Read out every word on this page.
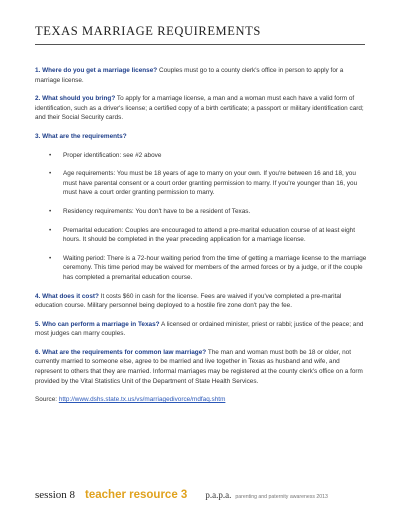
TEXAS MARRIAGE REQUIREMENTS

1. Where do you get a marriage license? Couples must go to a county clerk's office in person to apply for a marriage license.

2. What should you bring? To apply for a marriage license, a man and a woman must each have a valid form of identification, such as a driver's license; a certified copy of a birth certificate; a passport or military identification card; and their Social Security cards.

3. What are the requirements?

• Proper identification: see #2 above
• Age requirements: You must be 18 years of age to marry on your own. If you're between 16 and 18, you must have parental consent or a court order granting permission to marry. If you're younger than 16, you must have a court order granting permission to marry.
• Residency requirements: You don't have to be a resident of Texas.
• Premarital education: Couples are encouraged to attend a pre-marital education course of at least eight hours. It should be completed in the year preceding application for a marriage license.
• Waiting period: There is a 72-hour waiting period from the time of getting a marriage license to the marriage ceremony. This time period may be waived for members of the armed forces or by a judge, or if the couple has completed a premarital education course.

4. What does it cost? It costs $60 in cash for the license. Fees are waived if you've completed a pre-marital education course. Military personnel being deployed to a hostile fire zone don't pay the fee.

5. Who can perform a marriage in Texas? A licensed or ordained minister, priest or rabbi; justice of the peace; and most judges can marry couples.

6. What are the requirements for common law marriage? The man and woman must both be 18 or older, not currently married to someone else, agree to be married and live together in Texas as husband and wife, and represent to others that they are married. Informal marriages may be registered at the county clerk's office on a form provided by the Vital Statistics Unit of the Department of State Health Services.

Source: http://www.dshs.state.tx.us/vs/marriagedivorce/mdfaq.shtm

session 8 teacher resource 3 p.a.p.a. parenting and paternity awareness 2013
